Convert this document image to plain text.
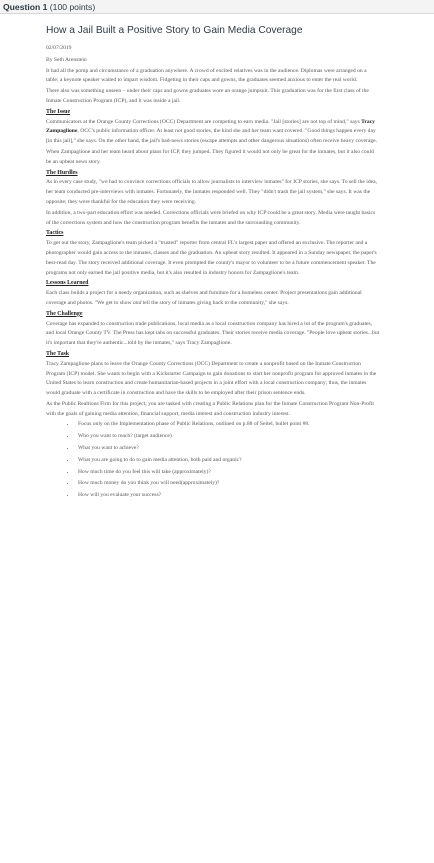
Question 1 (100 points)
How a Jail Built a Positive Story to Gain Media Coverage

02/07/2019

By Seth Arenstein

It had all the pomp and circumstance of a graduation anywhere. A crowd of excited relatives was in the audience. Diplomas were arranged on a table; a keynote speaker waited to impart wisdom. Fidgeting in their caps and gowns, the graduates seemed anxious to enter the real world.

There also was something unseen – under their caps and gowns graduates wore an orange jumpsuit. This graduation was for the first class of the Inmate Construction Program (ICP), and it was inside a jail.

The Issue

Communicators at the Orange County Corrections (OCC) Department are competing to earn media. "Jail [stories] are not top of mind," says Tracy Zampaglione, OCC's public information officer. At least not good stories, the kind she and her team want covered. "Good things happen every day [in this jail]," she says. On the other hand, the jail's bad-news stories (escape attempts and other dangerous situations) often receive heavy coverage.

When Zampaglione and her team heard about plans for ICP, they jumped. They figured it would not only be great for the inmates, but it also could be an upbeat news story.

The Hurdles

As in every case study, "we had to convince corrections officials to allow journalists to interview inmates" for ICP stories, she says. To sell the idea, her team conducted pre-interviews with inmates. Fortunately, the inmates responded well. They "didn't trash the jail system," she says. It was the opposite; they were thankful for the education they were receiving.

In addition, a two-part education effort was needed. Corrections officials were briefed on why ICP could be a great story. Media were taught basics of the corrections system and how the construction program benefits the inmates and the surrounding community.

Tactics

To get out the story, Zampaglione's team picked a "trusted" reporter from central FL's largest paper and offered an exclusive. The reporter and a photographer would gain access to the inmates, classes and the graduation. An upbeat story resulted. It appeared in a Sunday newspaper, the paper's best-read day. The story received additional coverage. It even prompted the county's mayor to volunteer to be a future commencement speaker. The programs not only earned the jail positive media, but it's also resulted in industry honors for Zampaglione's team.

Lessons Learned

Each class builds a project for a needy organization, such as shelves and furniture for a homeless center. Project presentations gain additional coverage and photos. "We get to show and tell the story of inmates giving back to the community," she says.

The Challenge

Coverage has expanded to construction trade publications, local media as a local construction company has hired a lot of the program's graduates, and local Orange County TV. The Press has kept tabs on successful graduates. Their stories receive media coverage. "People love upbeat stories...but it's important that they're authentic...told by the inmates," says Tracy Zampaglione.

The Task

Tracy Zampaglione plans to leave the Orange County Corrections (OCC) Department to create a nonprofit based on the Inmate Construction Program (ICP) model. She wants to begin with a Kickstarter Campaign to gain donations to start her nonprofit program for approved inmates in the United States to learn construction and create humanitarian-based projects in a joint effort with a local construction company; thus, the inmates would graduate with a certificate in construction and have the skills to be employed after their prison sentence ends.

As the Public Realtions Firm for this project, you are tasked with creating a Public Relations plan for the Inmate Construction Program Non-Profit with the goals of gaining media attention, financial support, media interest and construction industry interest.

• Focus only on the Implementation phase of Public Relations, outlined on p.88 of Seitel, bullet point #8.
• Who you want to reach? (target audience)
• What you want to achieve?
• What you are going to do to gain media attention, both paid and organic?
• How much time do you feel this will take (approximately)?
• How much money do you think you will need(approximately)?
• How will you evaluate your success?
